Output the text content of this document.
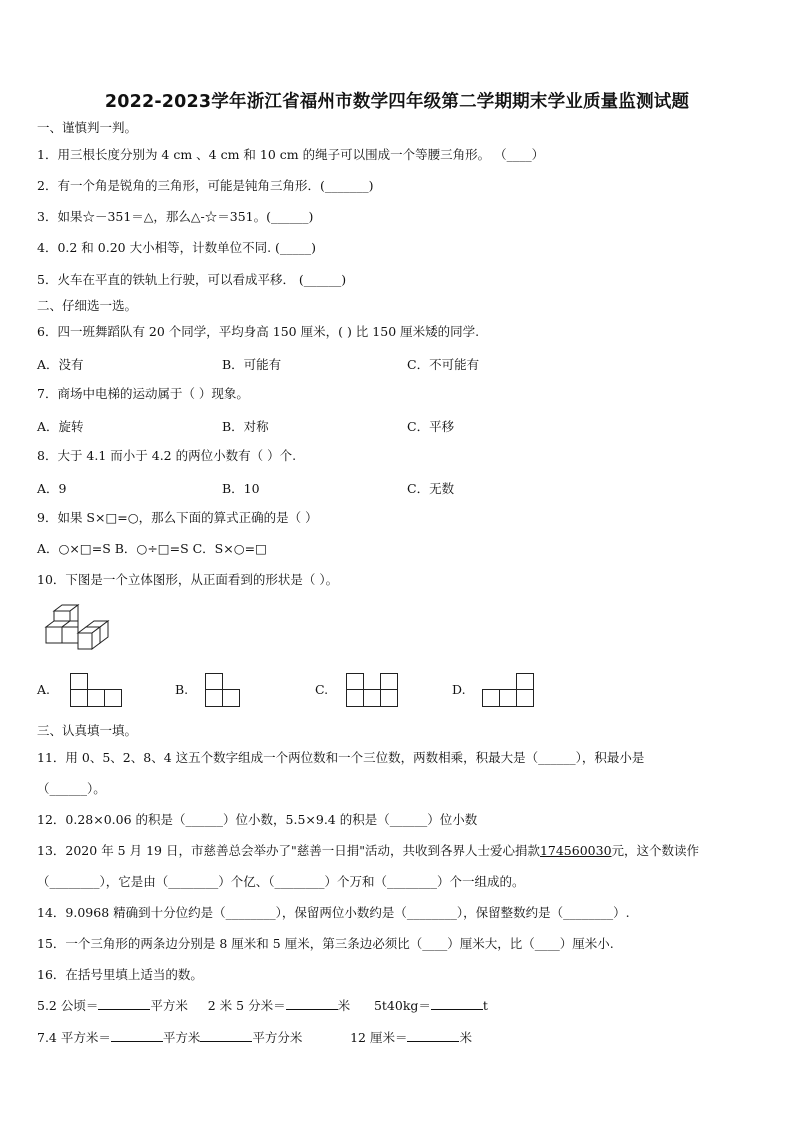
2022-2023学年浙江省福州市数学四年级第二学期期末学业质量监测试题
一、谨慎判一判。
1．用三根长度分别为 4 cm 、4 cm 和 10 cm 的绳子可以围成一个等腰三角形。 （____）
2．有一个角是锐角的三角形，可能是钝角三角形．(_______)
3．如果☆－351＝△，那么△-☆＝351。(______)
4．0.2 和 0.20 大小相等，计数单位不同. (_____)
5．火车在平直的铁轨上行驶，可以看成平移． (______)
二、仔细选一选。
6．四一班舞蹈队有 20 个同学，平均身高 150 厘米，( ) 比 150 厘米矮的同学.
A．没有	B．可能有	C．不可能有
7．商场中电梯的运动属于（ ）现象。
A．旋转	B．对称	C．平移
8．大于 4.1 而小于 4.2 的两位小数有（ ）个.
A．9	B．10	C．无数
9．如果 S×□=○，那么下面的算式正确的是（ ）
A．○×□=S B．○÷□=S C．S×○=□
10．下图是一个立体图形，从正面看到的形状是（ ）。
A.	B.	C.	D.
三、认真填一填。
11．用 0、5、2、8、4 这五个数字组成一个两位数和一个三位数，两数相乘，积最大是（______），积最小是
（______）。
12．0.28×0.06 的积是（______）位小数，5.5×9.4 的积是（______）位小数
13．2020 年 5 月 19 日，市慈善总会举办了"慈善一日捐"活动，共收到各界人士爱心捐款174560030元，这个数读作
（________），它是由（________）个亿、（________）个万和（________）个一组成的。
14．9.0968 精确到十分位约是（________），保留两位小数约是（________），保留整数约是（________）.
15．一个三角形的两条边分别是 8 厘米和 5 厘米，第三条边必须比（____）厘米大，比（____）厘米小.
16．在括号里填上适当的数。
5.2 公顷＝	平方米 2 米 5 分米＝	米 5t40kg＝	t
7.4 平方米＝	平方米	平方分米	12 厘米＝	米
